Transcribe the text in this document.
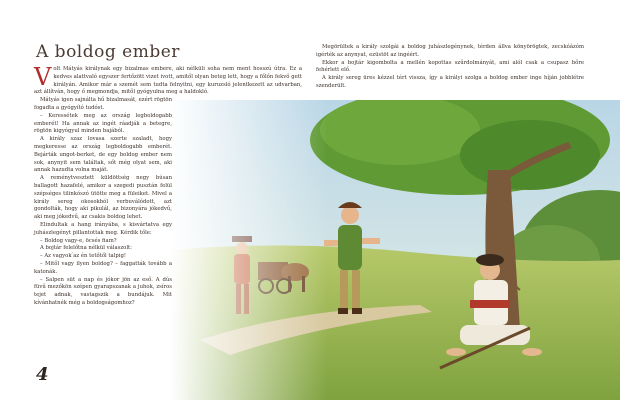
A boldog ember
V olt Mátyás királynak egy bizalmas embere, aki nélküli soha nem ment hosszú útra. Ez a kedves alattvaló egyszer fertőzött vizet ivott, amitől olyan beteg lett, hogy a főlőn fekvő gett királyán. Amikor már a szemét sem tudta felnyitni, egy kuruzsló jelentkezett az udvarban, azt állítván, hogy ő megmondja, mitől gyógyulna meg a haldokló.

Mátyás igen sajnálta hű bizalmasát, ezért rögtön fogadta a gyógyító tudóst.

– Keressétek meg az ország legboldogabb emberét! Ha annak az ingét ráadják a betegre, rögtön kigyógyul minden bajából.

A király szaz lovasa szerte szaladt, hogy megkeresse az ország legboldogabb emberét. Bejárták ungot-berket, de egy boldog ember nem sok, anynyit sem találtak, sőt még olyat sem, aki annak hazudta volna maját.

A reménytvesztett küldöttség negy búsan ballagott hazafelé, amikor a szegedi pusztán felül szépséges tilinkószó ütötte meg a füleiket. Mivel a király sereg okosokból verbuválódott, azt gondolták, hogy aki pikulál, az bizonyára jókedvű, aki meg jókedvű, az csakis boldog lehet.

Elindultak a hang irányába, s kisvártatva egy juhászlegényt pillantottak meg. Kérdik tőle:

– Boldog vagy-e, öcsés fiam?

A bojtár felelőtna nélkül válaszolt:

– Az vagyok ́az én tetőtől talpig!

– Mitől vagy ilyen boldog? – faggatták tovább a katonák.

– Salpen süt a nap és jókor jön az eső. A dús füvű mezőkön szépen gyarapszanak a juhok, zsíros tejet adnak, vastagszik a bundájuk. Mit kívánhatnék még a boldogságomhoz?

Megörültek a király szolgái a boldog juhászlegénynek, térden állva könyörögtek, zecskóázóm igérték az anynyat, ezüstöt az ingéért.

Ekkor a bojtár kigombolta a mellén kopottas szűrdolmányát, ami alól csak a csupasz bőre fehérlett elő.

A király sereg üres kézzel tért vissza, így a királyi szolga a boldog ember inge híján jobblétre szenderült.

4
